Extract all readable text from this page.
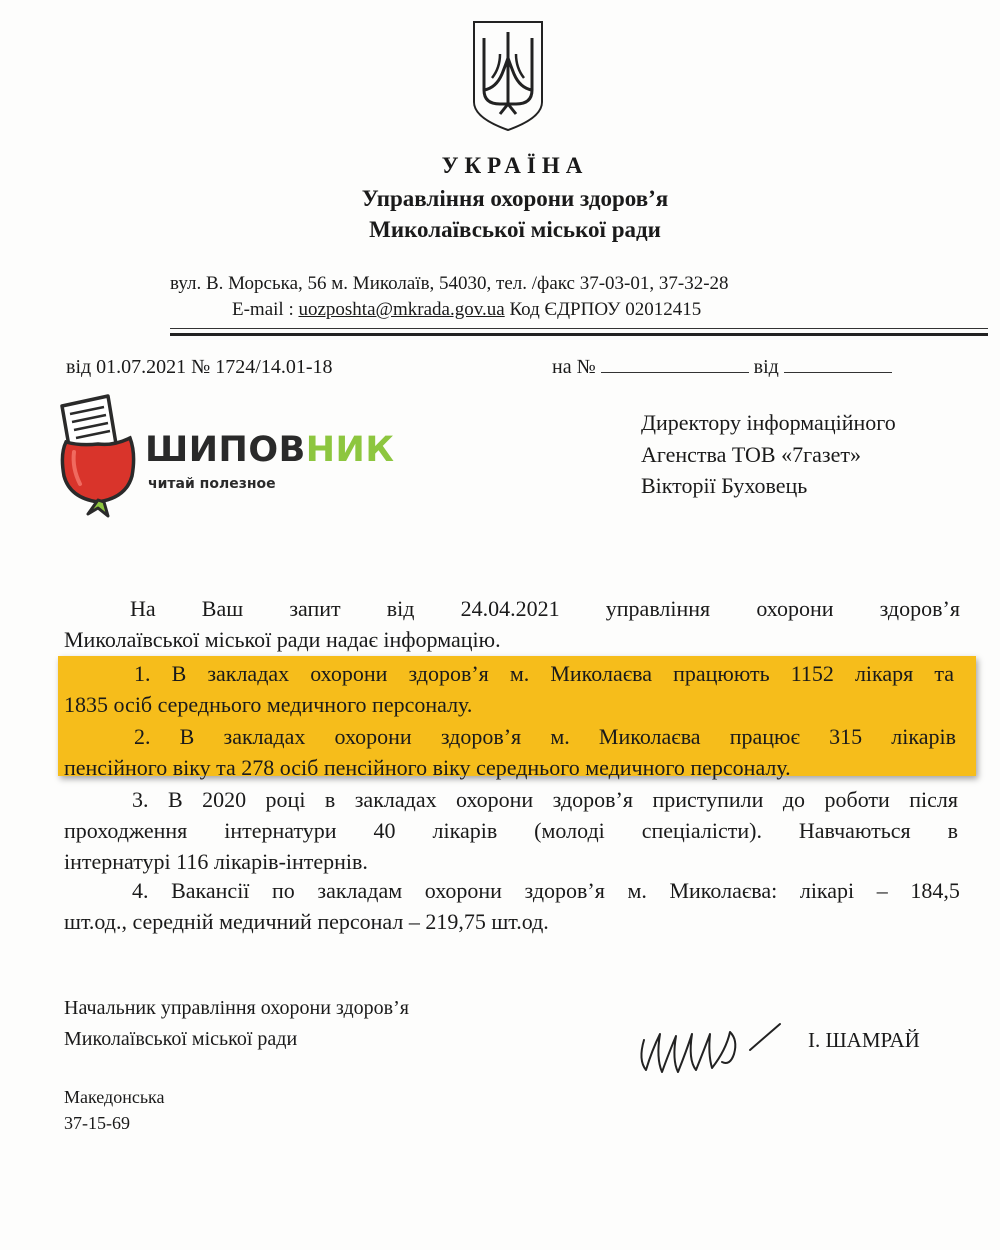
УКРАЇНА
Управління охорони здоров’я
Миколаївської міської ради
вул. В. Морська, 56 м. Миколаїв, 54030, тел. /факс 37-03-01, 37-32-28
E-mail : uozposhta@mkrada.gov.ua Код ЄДРПОУ 02012415
від 01.07.2021 № 1724/14.01-18	на №	від
ШИПОВНИК
читай полезное
Директору інформаційного
Агенства ТОВ «7газет»
Вікторії Буховець
На Ваш запит від 24.04.2021 управління охорони здоров’я
Миколаївської міської ради надає інформацію.
1. В закладах охорони здоров’я м. Миколаєва працюють 1152 лікаря та
1835 осіб середнього медичного персоналу.
2. В закладах охорони здоров’я м. Миколаєва працює 315 лікарів
пенсійного віку та 278 осіб пенсійного віку середнього медичного персоналу.
3. В 2020 році в закладах охорони здоров’я приступили до роботи після
проходження інтернатури 40 лікарів (молоді спеціалісти). Навчаються в
інтернатурі 116 лікарів-інтернів.
4. Вакансії по закладам охорони здоров’я м. Миколаєва: лікарі – 184,5
шт.од., середній медичний персонал – 219,75 шт.од.
Начальник управління охорони здоров’я
Миколаївської міської ради	І. ШАМРАЙ
Македонська
37-15-69
